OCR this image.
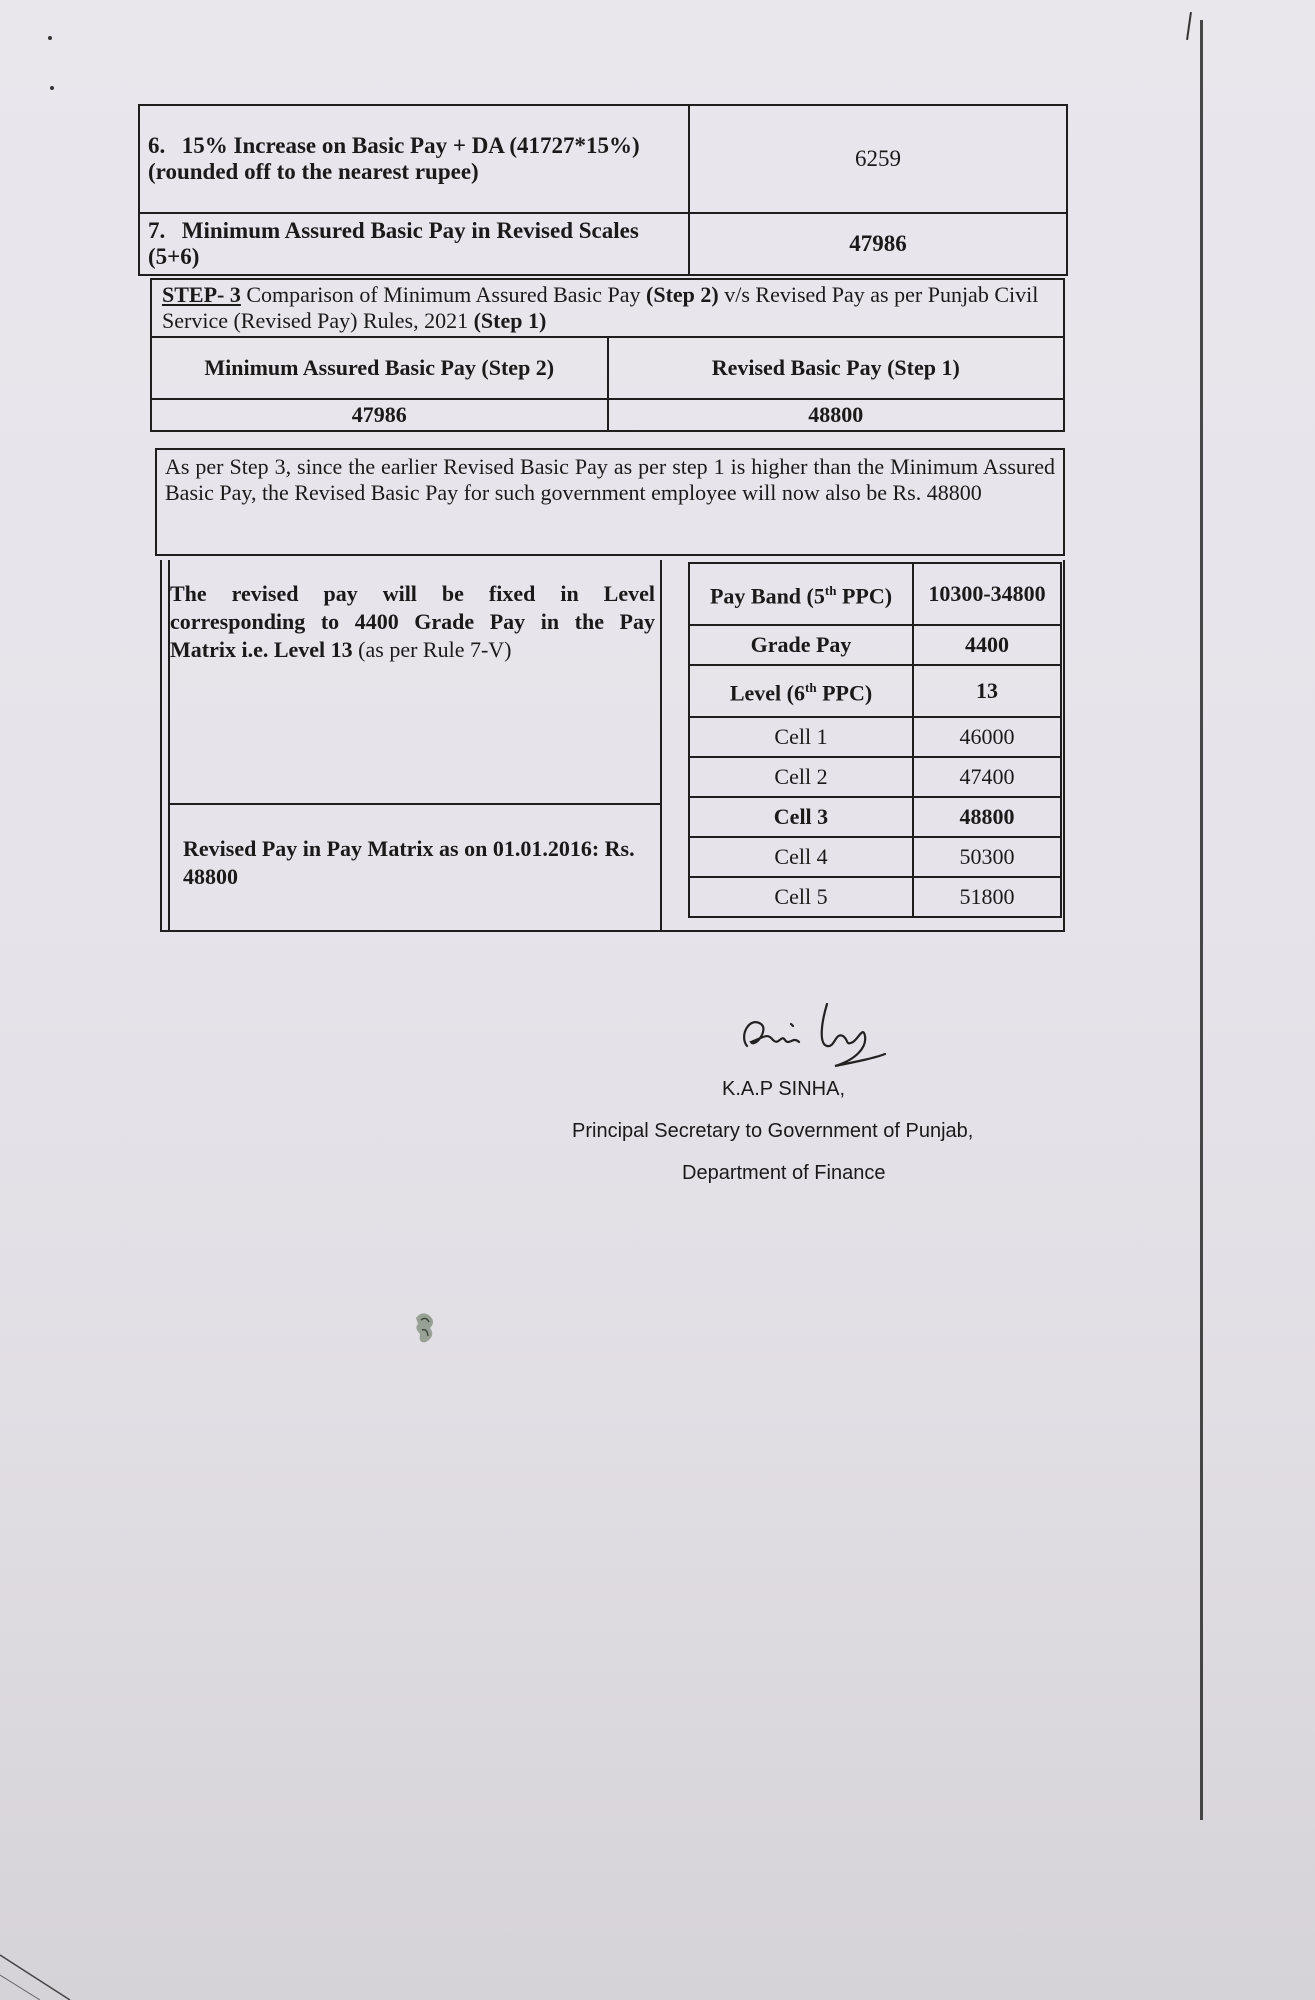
6. 15% Increase on Basic Pay + DA (41727*15%) (rounded off to the nearest rupee)	6259
7. Minimum Assured Basic Pay in Revised Scales (5+6)	47986
STEP- 3 Comparison of Minimum Assured Basic Pay (Step 2) v/s Revised Pay as per Punjab Civil Service (Revised Pay) Rules, 2021 (Step 1)	
Minimum Assured Basic Pay (Step 2)	Revised Basic Pay (Step 1)
47986	48800
As per Step 3, since the earlier Revised Basic Pay as per step 1 is higher than the Minimum Assured Basic Pay, the Revised Basic Pay for such government employee will now also be Rs. 48800
The revised pay will be fixed in Level corresponding to 4400 Grade Pay in the Pay Matrix i.e. Level 13 (as per Rule 7-V)
Revised Pay in Pay Matrix as on 01.01.2016: Rs. 48800
Pay Band (5th PPC)	10300-34800
Grade Pay	4400
Level (6th PPC)	13
Cell 1	46000
Cell 2	47400
Cell 3	48800
Cell 4	50300
Cell 5	51800
K.A.P SINHA,
Principal Secretary to Government of Punjab,
Department of Finance
